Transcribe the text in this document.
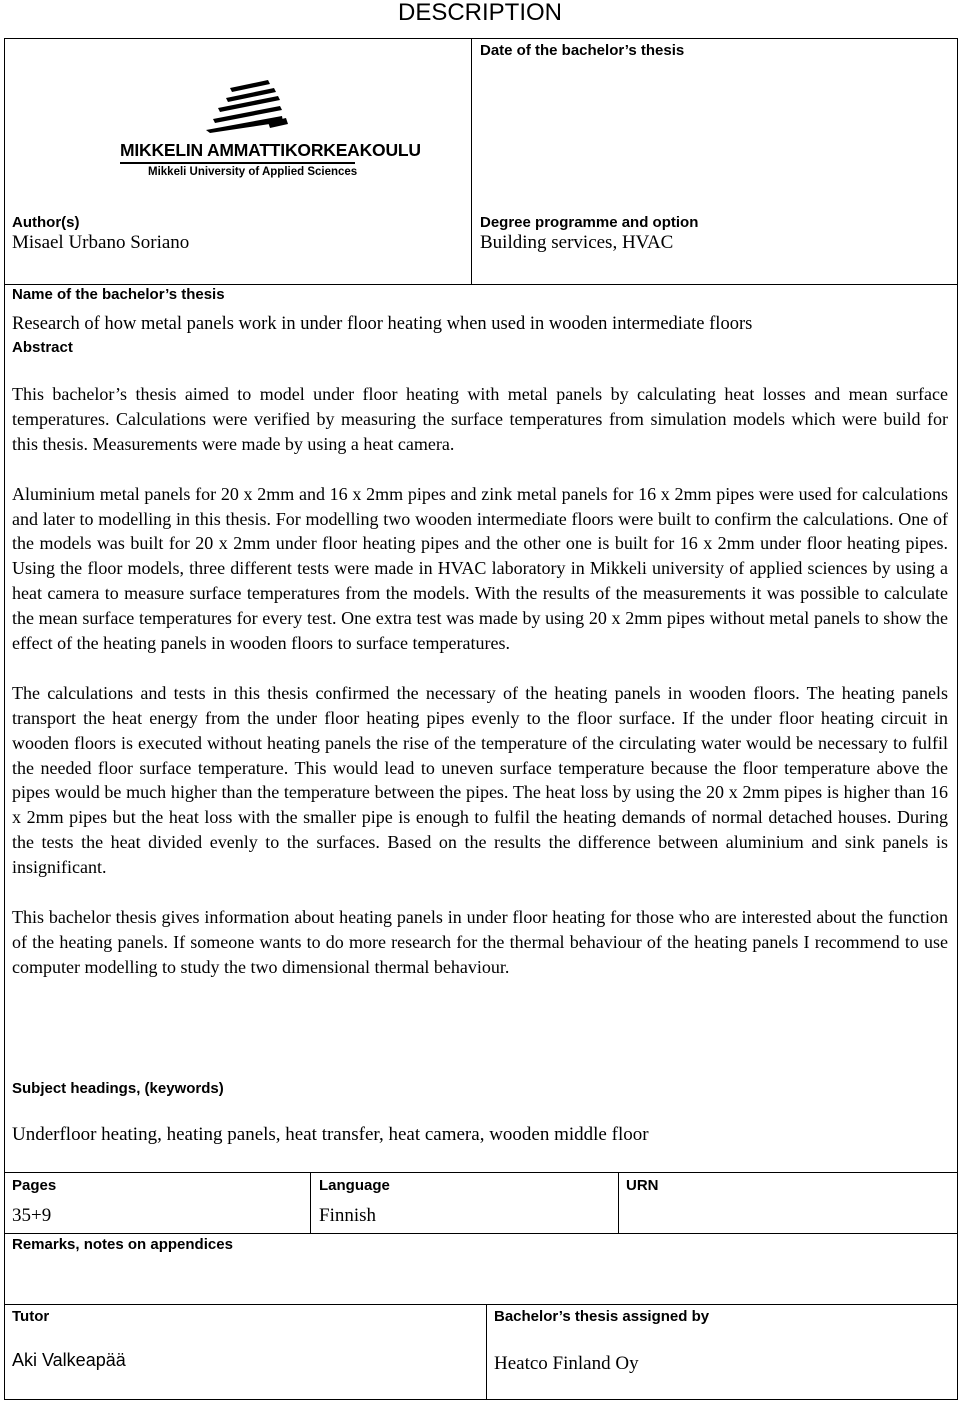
DESCRIPTION
MIKKELIN AMMATTIKORKEAKOULU
Mikkeli University of Applied Sciences
Date of the bachelor’s thesis
Author(s)
Misael Urbano Soriano
Degree programme and option
Building services, HVAC
Name of the bachelor’s thesis
Research of how metal panels work in under floor heating when used in wooden intermediate floors
Abstract

This bachelor’s thesis aimed to model under floor heating with metal panels by calculating heat losses and mean surface temperatures. Calculations were verified by measuring the surface temperatures from simulation models which were build for this thesis. Measurements were made by using a heat camera.

Aluminium metal panels for 20 x 2mm and 16 x 2mm pipes and zink metal panels for 16 x 2mm pipes were used for calculations and later to modelling in this thesis. For modelling two wooden intermediate floors were built to confirm the calculations. One of the models was built for 20 x 2mm under floor heating pipes and the other one is built for 16 x 2mm under floor heating pipes. Using the floor models, three different tests were made in HVAC laboratory in Mikkeli university of applied sciences by using a heat camera to measure surface temperatures from the models. With the results of the measurements it was possible to calculate the mean surface temperatures for every test. One extra test was made by using 20 x 2mm pipes without metal panels to show the effect of the heating panels in wooden floors to surface temperatures.

The calculations and tests in this thesis confirmed the necessary of the heating panels in wooden floors. The heating panels transport the heat energy from the under floor heating pipes evenly to the floor surface. If the under floor heating circuit in wooden floors is executed without heating panels the rise of the temperature of the circulating water would be necessary to fulfil the needed floor surface temperature. This would lead to uneven surface temperature because the floor temperature above the pipes would be much higher than the temperature between the pipes. The heat loss by using the 20 x 2mm pipes is higher than 16 x 2mm pipes but the heat loss with the smaller pipe is enough to fulfil the heating demands of normal detached houses. During the tests the heat divided evenly to the surfaces. Based on the results the difference between aluminium and sink panels is insignificant.

This bachelor thesis gives information about heating panels in under floor heating for those who are interested about the function of the heating panels. If someone wants to do more research for the thermal behaviour of the heating panels I recommend to use computer modelling to study the two dimensional thermal behaviour.

Subject headings, (keywords)
Underfloor heating, heating panels, heat transfer, heat camera, wooden middle floor
Pages
35+9
Language
Finnish
URN
Remarks, notes on appendices
Tutor
Aki Valkeapää
Bachelor’s thesis assigned by
Heatco Finland Oy
